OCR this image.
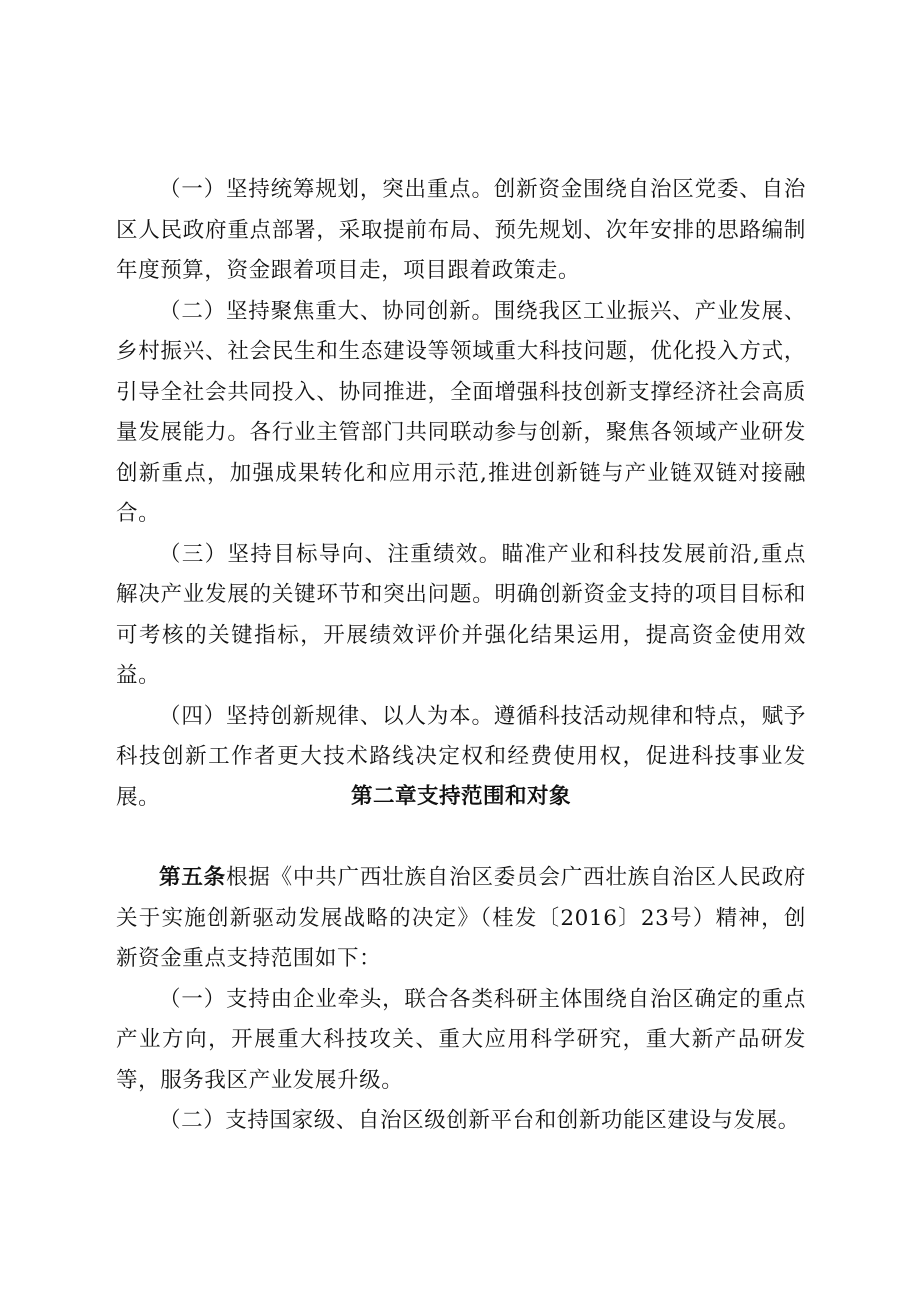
（一）坚持统筹规划，突出重点。创新资金围绕自治区党委、自治区人民政府重点部署，采取提前布局、预先规划、次年安排的思路编制年度预算，资金跟着项目走，项目跟着政策走。

（二）坚持聚焦重大、协同创新。围绕我区工业振兴、产业发展、乡村振兴、社会民生和生态建设等领域重大科技问题，优化投入方式，引导全社会共同投入、协同推进，全面增强科技创新支撑经济社会高质量发展能力。各行业主管部门共同联动参与创新，聚焦各领域产业研发创新重点，加强成果转化和应用示范,推进创新链与产业链双链对接融合。

（三）坚持目标导向、注重绩效。瞄准产业和科技发展前沿,重点解决产业发展的关键环节和突出问题。明确创新资金支持的项目目标和可考核的关键指标，开展绩效评价并强化结果运用，提高资金使用效益。

（四）坚持创新规律、以人为本。遵循科技活动规律和特点，赋予科技创新工作者更大技术路线决定权和经费使用权，促进科技事业发展。	第二章支持范围和对象

第五条根据《中共广西壮族自治区委员会广西壮族自治区人民政府关于实施创新驱动发展战略的决定》（桂发〔2016〕23号）精神，创新资金重点支持范围如下：

（一）支持由企业牵头，联合各类科研主体围绕自治区确定的重点产业方向，开展重大科技攻关、重大应用科学研究，重大新产品研发等，服务我区产业发展升级。

（二）支持国家级、自治区级创新平台和创新功能区建设与发展。
